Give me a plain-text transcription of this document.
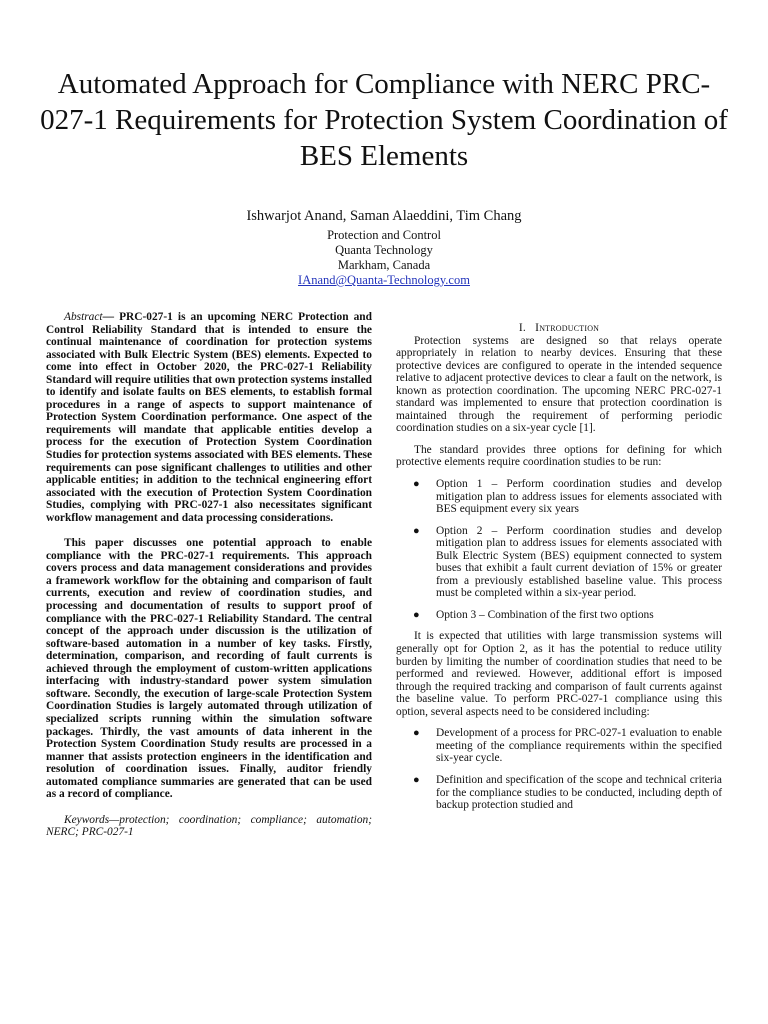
Automated Approach for Compliance with NERC PRC-027-1 Requirements for Protection System Coordination of BES Elements
Ishwarjot Anand, Saman Alaeddini, Tim Chang
Protection and Control
Quanta Technology
Markham, Canada
IAnand@Quanta-Technology.com

Abstract— PRC-027-1 is an upcoming NERC Protection and Control Reliability Standard that is intended to ensure the continual maintenance of coordination for protection systems associated with Bulk Electric System (BES) elements. Expected to come into effect in October 2020, the PRC-027-1 Reliability Standard will require utilities that own protection systems installed to identify and isolate faults on BES elements, to establish formal procedures in a range of aspects to support maintenance of Protection System Coordination performance. One aspect of the requirements will mandate that applicable entities develop a process for the execution of Protection System Coordination Studies for protection systems associated with BES elements. These requirements can pose significant challenges to utilities and other applicable entities; in addition to the technical engineering effort associated with the execution of Protection System Coordination Studies, complying with PRC-027-1 also necessitates significant workflow management and data processing considerations.

This paper discusses one potential approach to enable compliance with the PRC-027-1 requirements. This approach covers process and data management considerations and provides a framework workflow for the obtaining and comparison of fault currents, execution and review of coordination studies, and processing and documentation of results to support proof of compliance with the PRC-027-1 Reliability Standard. The central concept of the approach under discussion is the utilization of software-based automation in a number of key tasks. Firstly, determination, comparison, and recording of fault currents is achieved through the employment of custom-written applications interfacing with industry-standard power system simulation software. Secondly, the execution of large-scale Protection System Coordination Studies is largely automated through utilization of specialized scripts running within the simulation software packages. Thirdly, the vast amounts of data inherent in the Protection System Coordination Study results are processed in a manner that assists protection engineers in the identification and resolution of coordination issues. Finally, auditor friendly automated compliance summaries are generated that can be used as a record of compliance.

Keywords—protection; coordination; compliance; automation; NERC; PRC-027-1

I. Introduction

Protection systems are designed so that relays operate appropriately in relation to nearby devices. Ensuring that these protective devices are configured to operate in the intended sequence relative to adjacent protective devices to clear a fault on the network, is known as protection coordination. The upcoming NERC PRC-027-1 standard was implemented to ensure that protection coordination is maintained through the requirement of performing periodic coordination studies on a six-year cycle [1].

The standard provides three options for defining for which protective elements require coordination studies to be run:

● Option 1 – Perform coordination studies and develop mitigation plan to address issues for elements associated with BES equipment every six years
● Option 2 – Perform coordination studies and develop mitigation plan to address issues for elements associated with Bulk Electric System (BES) equipment connected to system buses that exhibit a fault current deviation of 15% or greater from a previously established baseline value. This process must be completed within a six-year period.
● Option 3 – Combination of the first two options

It is expected that utilities with large transmission systems will generally opt for Option 2, as it has the potential to reduce utility burden by limiting the number of coordination studies that need to be performed and reviewed. However, additional effort is imposed through the required tracking and comparison of fault currents against the baseline value. To perform PRC-027-1 compliance using this option, several aspects need to be considered including:

● Development of a process for PRC-027-1 evaluation to enable meeting of the compliance requirements within the specified six-year cycle.
● Definition and specification of the scope and technical criteria for the compliance studies to be conducted, including depth of backup protection studied and
